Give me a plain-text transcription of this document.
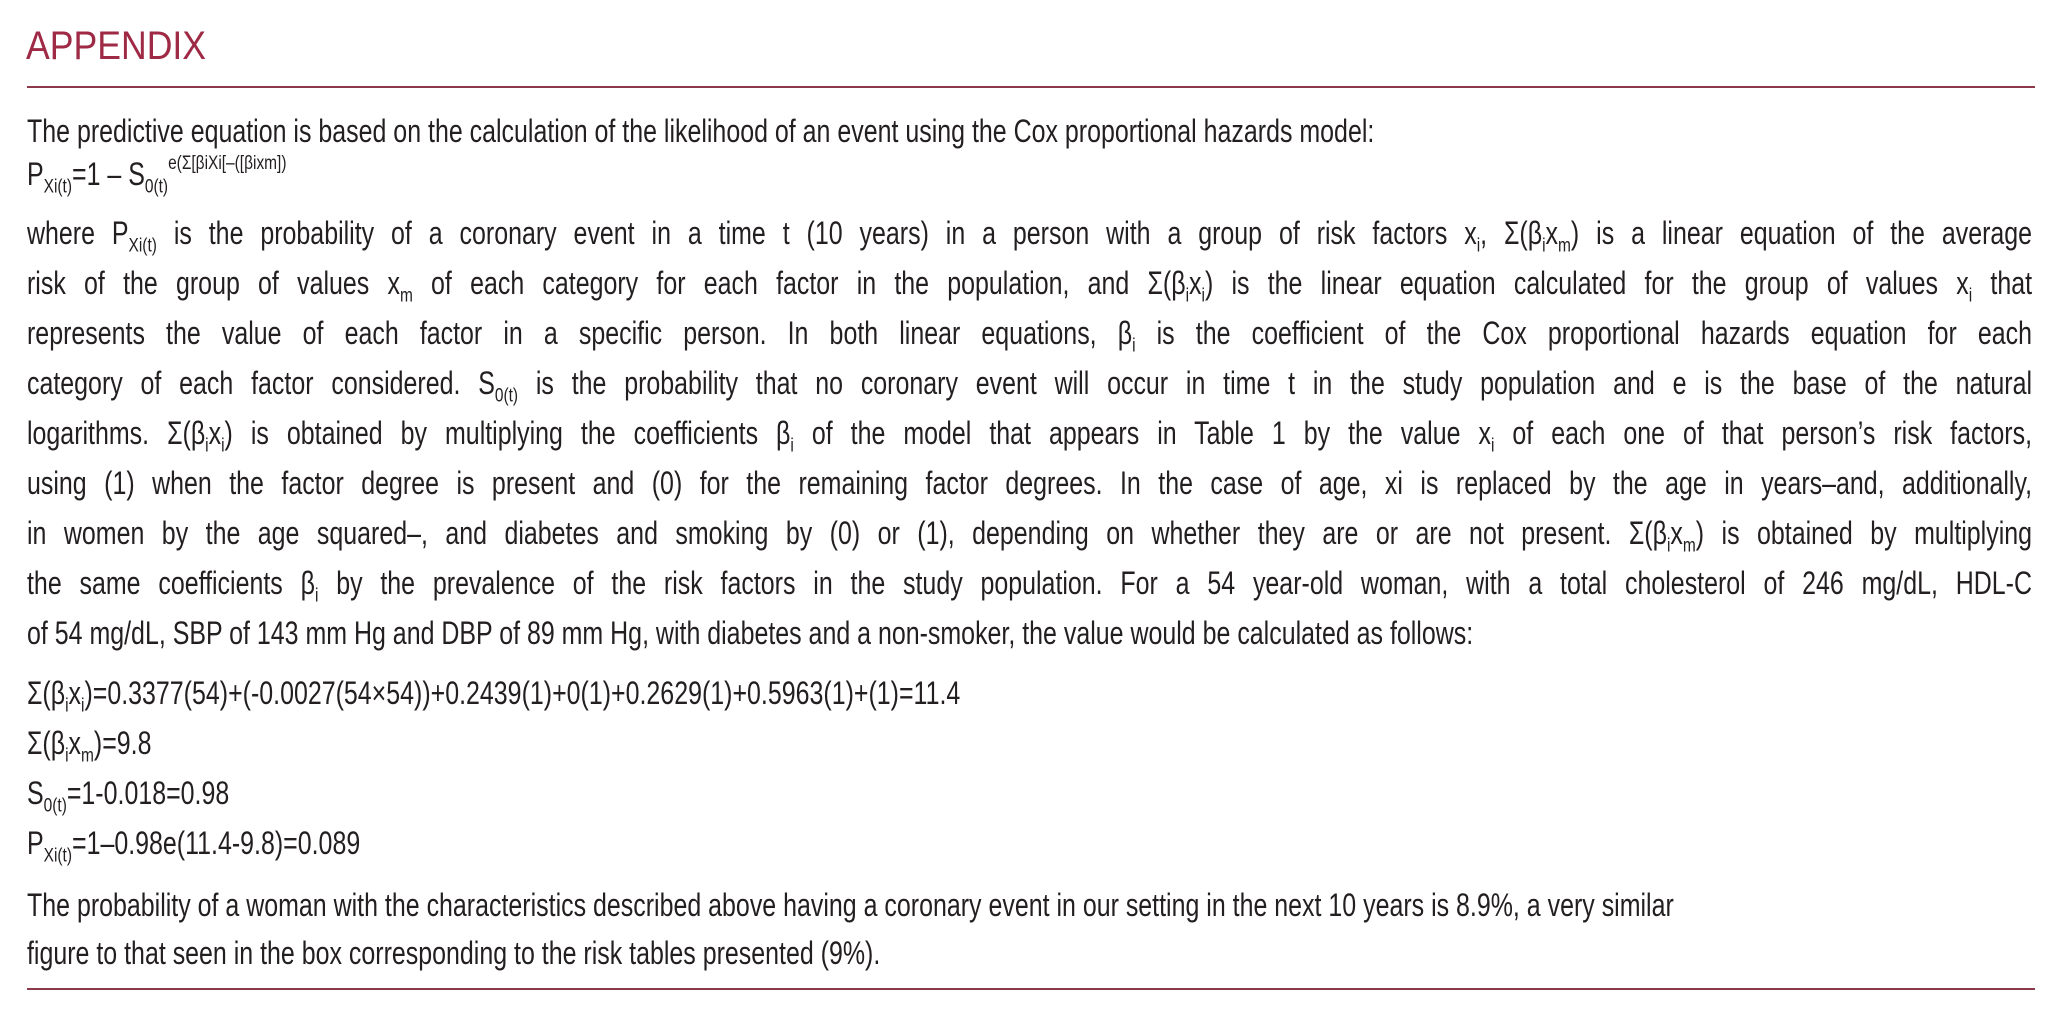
APPENDIX
The predictive equation is based on the calculation of the likelihood of an event using the Cox proportional hazards model:
$P_{Xi(t)}=1 - S_{0(t)}^{e(\Sigma[\beta iXi[-([\beta ixm])}$
where $P_{Xi(t)}$ is the probability of a coronary event in a time t (10 years) in a person with a group of risk factors $x_i$, $\Sigma(\beta_ix_m)$ is a linear equation of the average
risk of the group of values $x_m$ of each category for each factor in the population, and $\Sigma(\beta_ix_i)$ is the linear equation calculated for the group of values $x_i$ that
represents the value of each factor in a specific person. In both linear equations, $\beta_i$ is the coefficient of the Cox proportional hazards equation for each
category of each factor considered. $S_{0(t)}$ is the probability that no coronary event will occur in time t in the study population and e is the base of the natural
logarithms. $\Sigma(\beta_ix_i)$ is obtained by multiplying the coefficients $\beta_i$ of the model that appears in Table 1 by the value $x_i$ of each one of that person’s risk factors,
using (1) when the factor degree is present and (0) for the remaining factor degrees. In the case of age, xi is replaced by the age in years–and, additionally,
in women by the age squared–, and diabetes and smoking by (0) or (1), depending on whether they are or are not present. $\Sigma(\beta_ix_m)$ is obtained by multiplying
the same coefficients $\beta_i$ by the prevalence of the risk factors in the study population. For a 54 year-old woman, with a total cholesterol of 246 mg/dL, HDL-C
of 54 mg/dL, SBP of 143 mm Hg and DBP of 89 mm Hg, with diabetes and a non-smoker, the value would be calculated as follows:
$\Sigma(\beta_ix_i)=0.3377(54)+(-0.0027(54\times 54))+0.2439(1)+0(1)+0.2629(1)+0.5963(1)+(1)=11.4$
$\Sigma(\beta_ix_m)=9.8$
$S_{0(t)}=1-0.018=0.98$
$P_{Xi(t)}=1-0.98e(11.4-9.8)=0.089$
The probability of a woman with the characteristics described above having a coronary event in our setting in the next 10 years is 8.9%, a very similar
figure to that seen in the box corresponding to the risk tables presented (9%).
